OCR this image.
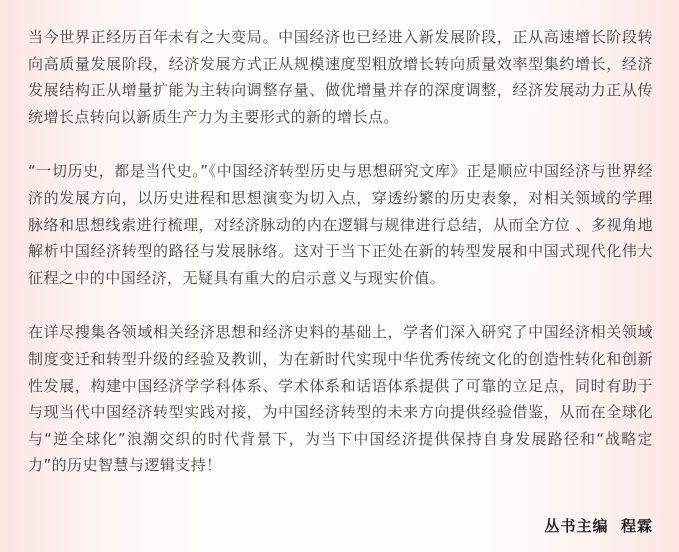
当今世界正经历百年未有之大变局。中国经济也已经进入新发展阶段，正从高速增长阶段转向高质量发展阶段，经济发展方式正从规模速度型粗放增长转向质量效率型集约增长，经济发展结构正从增量扩能为主转向调整存量、做优增量并存的深度调整，经济发展动力正从传统增长点转向以新质生产力为主要形式的新的增长点。

“一切历史，都是当代史。”《中国经济转型历史与思想研究文库》正是顺应中国经济与世界经济的发展方向，以历史进程和思想演变为切入点，穿透纷繁的历史表象，对相关领域的学理脉络和思想线索进行梳理，对经济脉动的内在逻辑与规律进行总结，从而全方位 、多视角地解析中国经济转型的路径与发展脉络。这对于当下正处在新的转型发展和中国式现代化伟大征程之中的中国经济，无疑具有重大的启示意义与现实价值。

在详尽搜集各领域相关经济思想和经济史料的基础上，学者们深入研究了中国经济相关领域制度变迁和转型升级的经验及教训，为在新时代实现中华优秀传统文化的创造性转化和创新性发展，构建中国经济学学科体系、学术体系和话语体系提供了可靠的立足点，同时有助于与现当代中国经济转型实践对接，为中国经济转型的未来方向提供经验借鉴，从而在全球化与“逆全球化”浪潮交织的时代背景下，为当下中国经济提供保持自身发展路径和“战略定力”的历史智慧与逻辑支持！

丛书主编  程霖
